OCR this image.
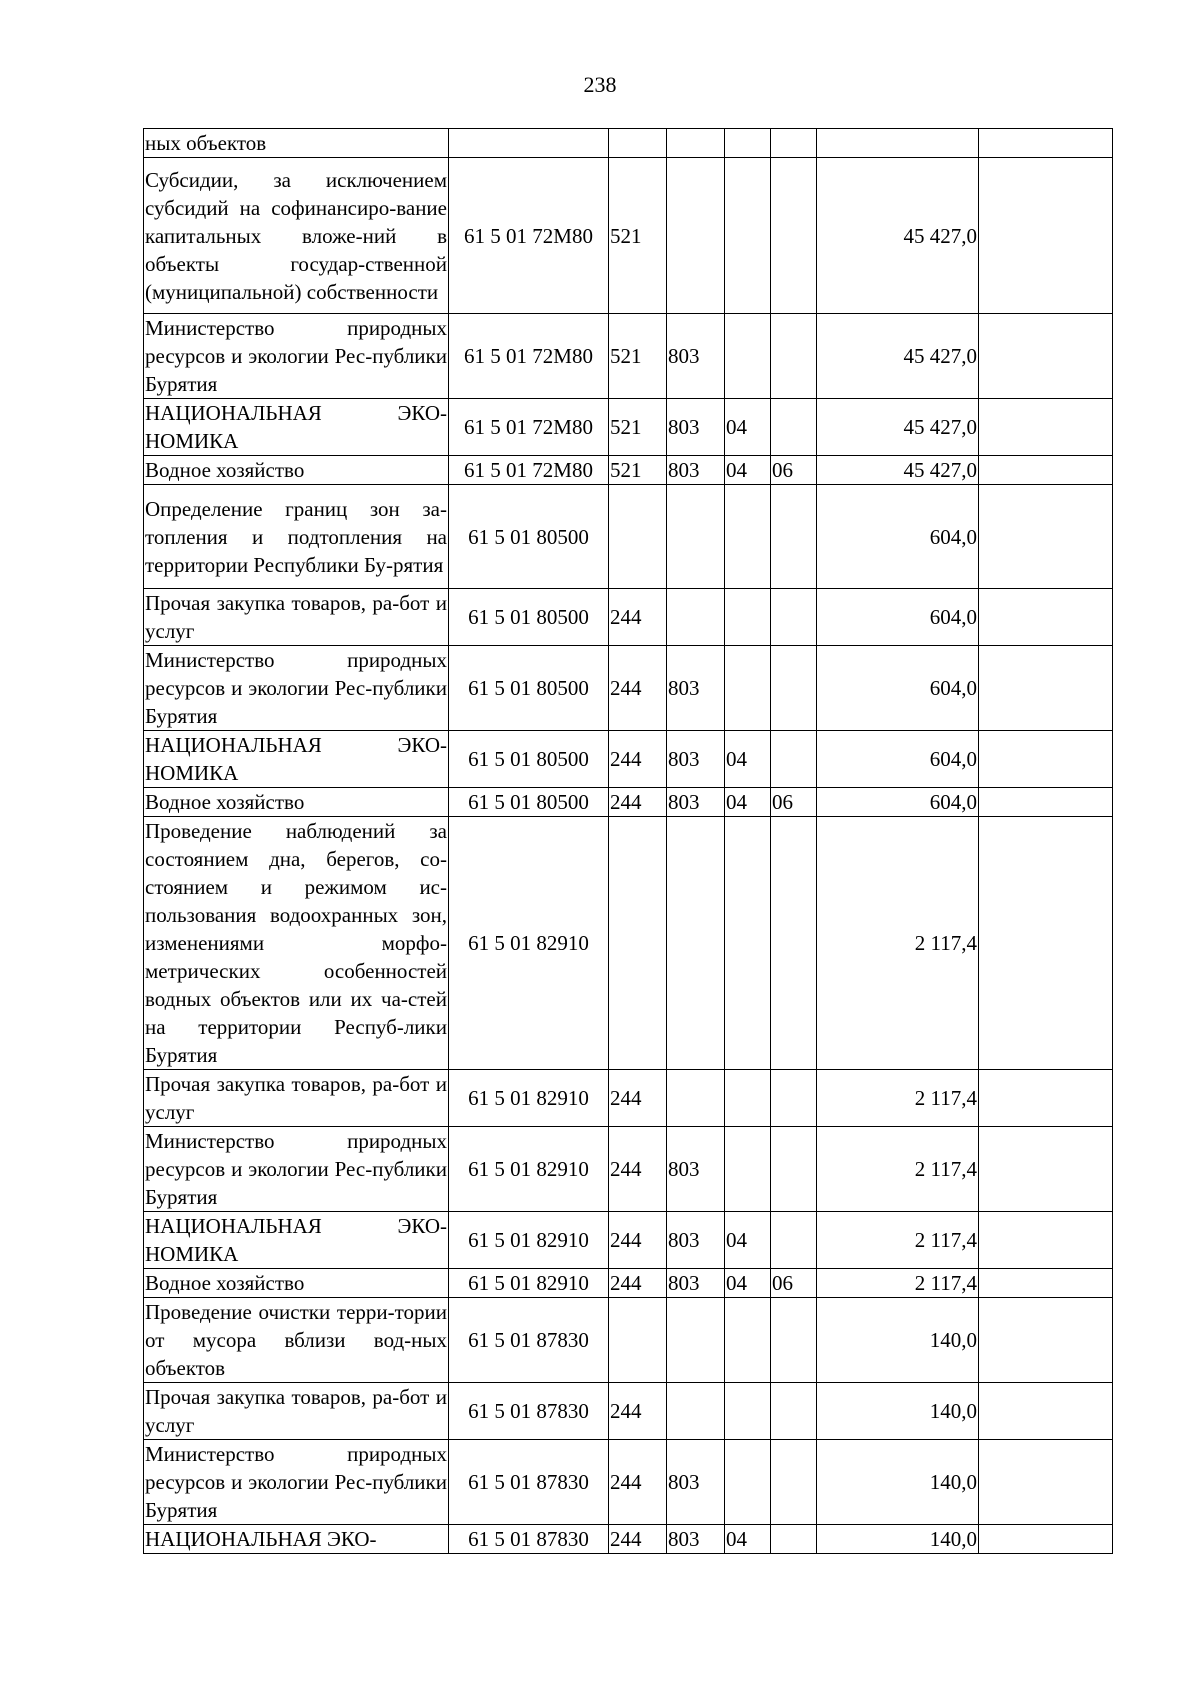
238
ных объектов							
Субсидии, за исключением субсидий на софинансиро-вание капитальных вложе-ний в объекты государ-ственной (муниципальной) собственности	61 5 01 72М80	521				45 427,0	
Министерство природных ресурсов и экологии Рес-публики Бурятия	61 5 01 72М80	521	803			45 427,0	
НАЦИОНАЛЬНАЯ ЭКО-НОМИКА	61 5 01 72М80	521	803	04		45 427,0	
Водное хозяйство	61 5 01 72М80	521	803	04	06	45 427,0	
Определение границ зон за-топления и подтопления на территории Республики Бу-рятия	61 5 01 80500					604,0	
Прочая закупка товаров, ра-бот и услуг	61 5 01 80500	244				604,0	
Министерство природных ресурсов и экологии Рес-публики Бурятия	61 5 01 80500	244	803			604,0	
НАЦИОНАЛЬНАЯ ЭКО-НОМИКА	61 5 01 80500	244	803	04		604,0	
Водное хозяйство	61 5 01 80500	244	803	04	06	604,0	
Проведение наблюдений за состоянием дна, берегов, со-стоянием и режимом ис-пользования водоохранных зон, изменениями морфо-метрических особенностей водных объектов или их ча-стей на территории Респуб-лики Бурятия	61 5 01 82910					2 117,4	
Прочая закупка товаров, ра-бот и услуг	61 5 01 82910	244				2 117,4	
Министерство природных ресурсов и экологии Рес-публики Бурятия	61 5 01 82910	244	803			2 117,4	
НАЦИОНАЛЬНАЯ ЭКО-НОМИКА	61 5 01 82910	244	803	04		2 117,4	
Водное хозяйство	61 5 01 82910	244	803	04	06	2 117,4	
Проведение очистки терри-тории от мусора вблизи вод-ных объектов	61 5 01 87830					140,0	
Прочая закупка товаров, ра-бот и услуг	61 5 01 87830	244				140,0	
Министерство природных ресурсов и экологии Рес-публики Бурятия	61 5 01 87830	244	803			140,0	
НАЦИОНАЛЬНАЯ ЭКО-	61 5 01 87830	244	803	04		140,0	
